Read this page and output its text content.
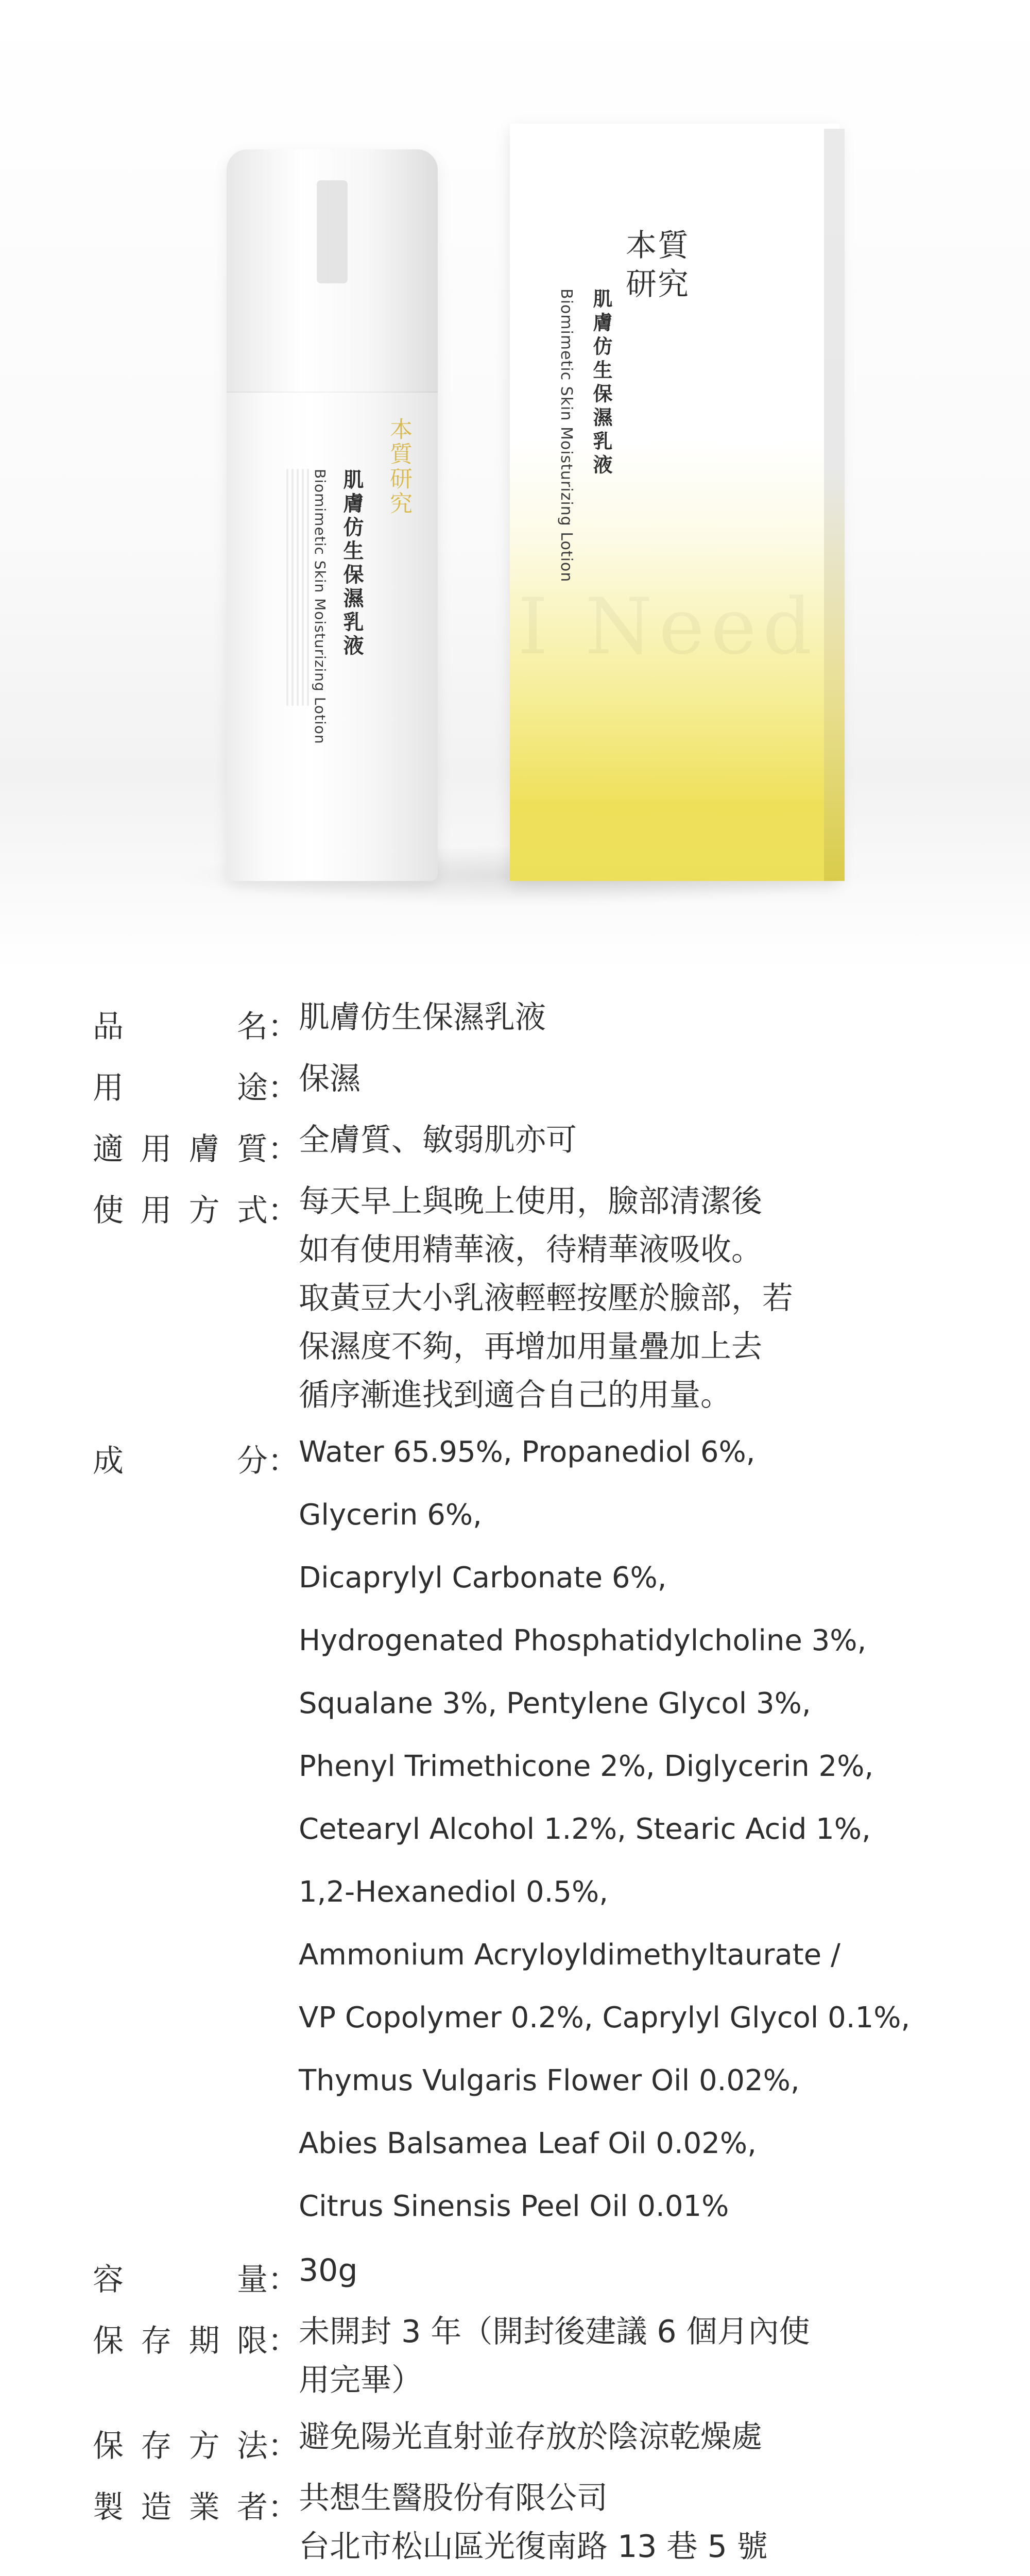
本質研究
肌膚仿生保濕乳液
Biomimetic Skin Moisturizing Lotion
本質
研究
肌膚仿生保濕乳液
Biomimetic Skin Moisturizing Lotion
品	名 ： 肌膚仿生保濕乳液
用	途 ： 保濕
適 用 膚 質 ： 全膚質、敏弱肌亦可
使 用 方 式 ： 每天早上與晚上使用，臉部清潔後
如有使用精華液，待精華液吸收。
取黃豆大小乳液輕輕按壓於臉部，若
保濕度不夠，再增加用量疊加上去
循序漸進找到適合自己的用量。
成	分 ： Water 65.95%, Propanediol 6%,
Glycerin 6%,
Dicaprylyl Carbonate 6%,
Hydrogenated Phosphatidylcholine 3%,
Squalane 3%, Pentylene Glycol 3%,
Phenyl Trimethicone 2%, Diglycerin 2%,
Cetearyl Alcohol 1.2%, Stearic Acid 1%,
1,2-Hexanediol 0.5%,
Ammonium Acryloyldimethyltaurate /
VP Copolymer 0.2%, Caprylyl Glycol 0.1%,
Thymus Vulgaris Flower Oil 0.02%,
Abies Balsamea Leaf Oil 0.02%,
Citrus Sinensis Peel Oil 0.01%
容	量 ： 30g
保 存 期 限 ： 未開封 3 年（開封後建議 6 個月內使
用完畢）
保 存 方 法 ： 避免陽光直射並存放於陰涼乾燥處
製 造 業 者 ： 共想生醫股份有限公司
台北市松山區光復南路 13 巷 5 號
